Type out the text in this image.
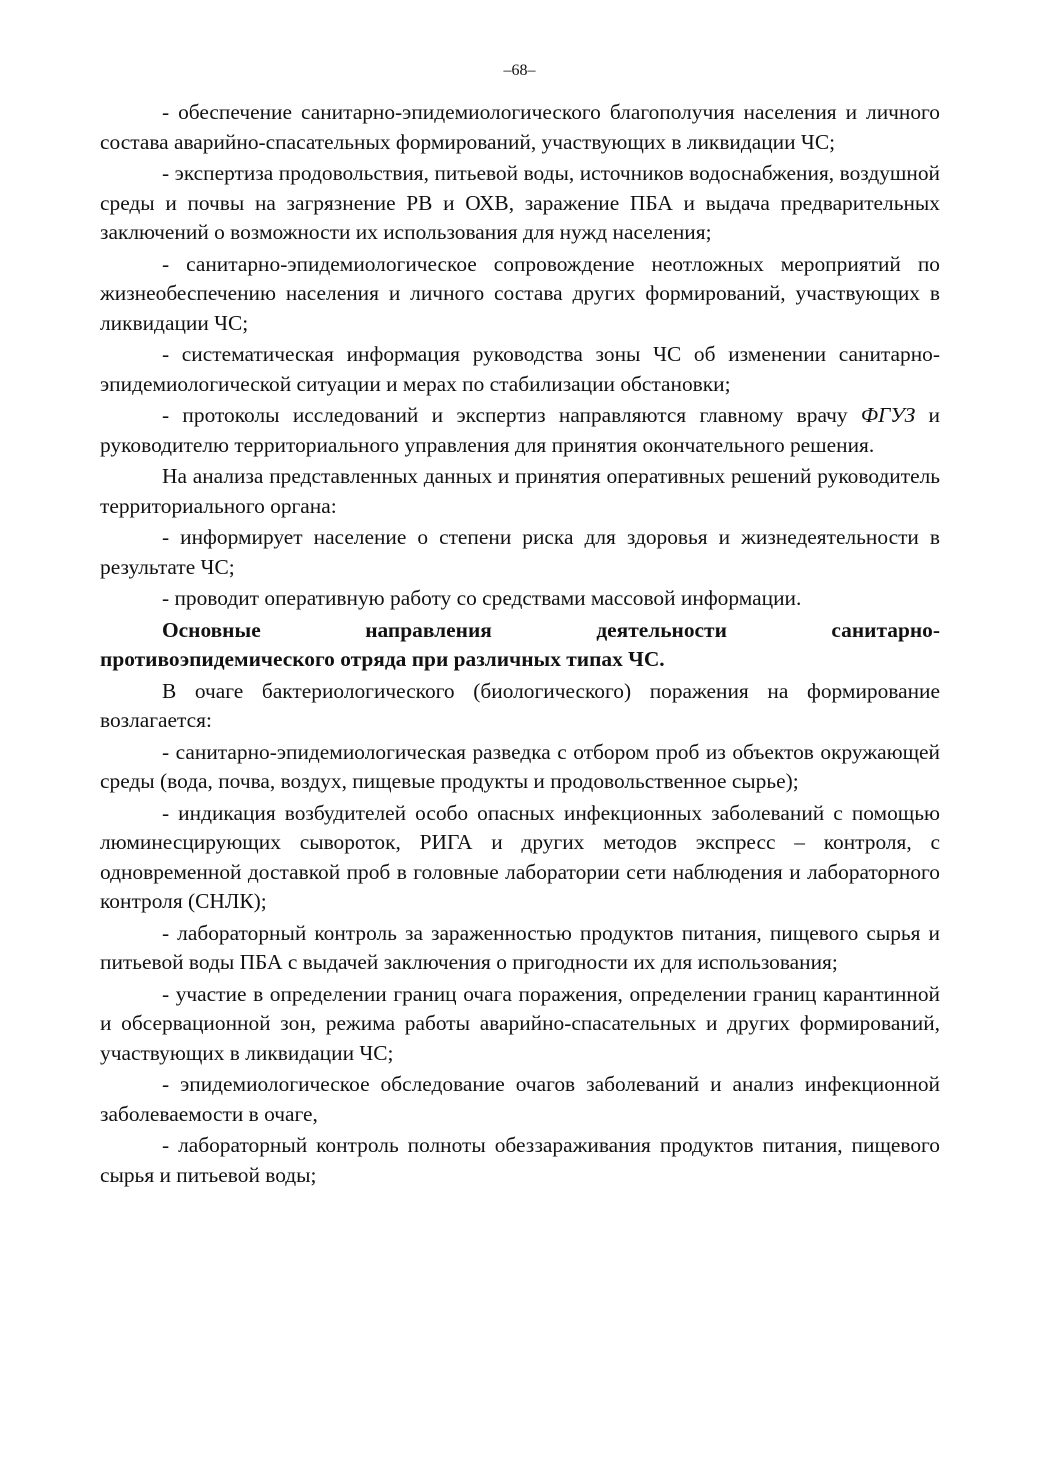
–68–

- обеспечение санитарно-эпидемиологического благополучия населения и личного состава аварийно-спасательных формирований, участвующих в ликвидации ЧС;

- экспертиза продовольствия, питьевой воды, источников водоснабжения, воздушной среды и почвы на загрязнение РВ и ОХВ, заражение ПБА и выдача предварительных заключений о возможности их использования для нужд населения;

- санитарно-эпидемиологическое сопровождение неотложных мероприятий по жизнеобеспечению населения и личного состава других формирований, участвующих в ликвидации ЧС;

- систематическая информация руководства зоны ЧС об изменении санитарно-эпидемиологической ситуации и мерах по стабилизации обстановки;

- протоколы исследований и экспертиз направляются главному врачу ФГУЗ и руководителю территориального управления для принятия окончательного решения.

На анализа представленных данных и принятия оперативных решений руководитель территориального органа:

- информирует население о степени риска для здоровья и жизнедеятельности в результате ЧС;

- проводит оперативную работу со средствами массовой информации.

Основные направления деятельности санитарно-
противоэпидемического отряда при различных типах ЧС.

В очаге бактериологического (биологического) поражения на формирование возлагается:

- санитарно-эпидемиологическая разведка с отбором проб из объектов окружающей среды (вода, почва, воздух, пищевые продукты и продовольственное сырье);

- индикация возбудителей особо опасных инфекционных заболеваний с помощью люминесцирующих сывороток, РИГА и других методов экспресс – контроля, с одновременной доставкой проб в головные лаборатории сети наблюдения и лабораторного контроля (СНЛК);

- лабораторный контроль за зараженностью продуктов питания, пищевого сырья и питьевой воды ПБА с выдачей заключения о пригодности их для использования;

- участие в определении границ очага поражения, определении границ карантинной и обсервационной зон, режима работы аварийно-спасательных и других формирований, участвующих в ликвидации ЧС;

- эпидемиологическое обследование очагов заболеваний и анализ инфекционной заболеваемости в очаге,

- лабораторный контроль полноты обеззараживания продуктов питания, пищевого сырья и питьевой воды;
